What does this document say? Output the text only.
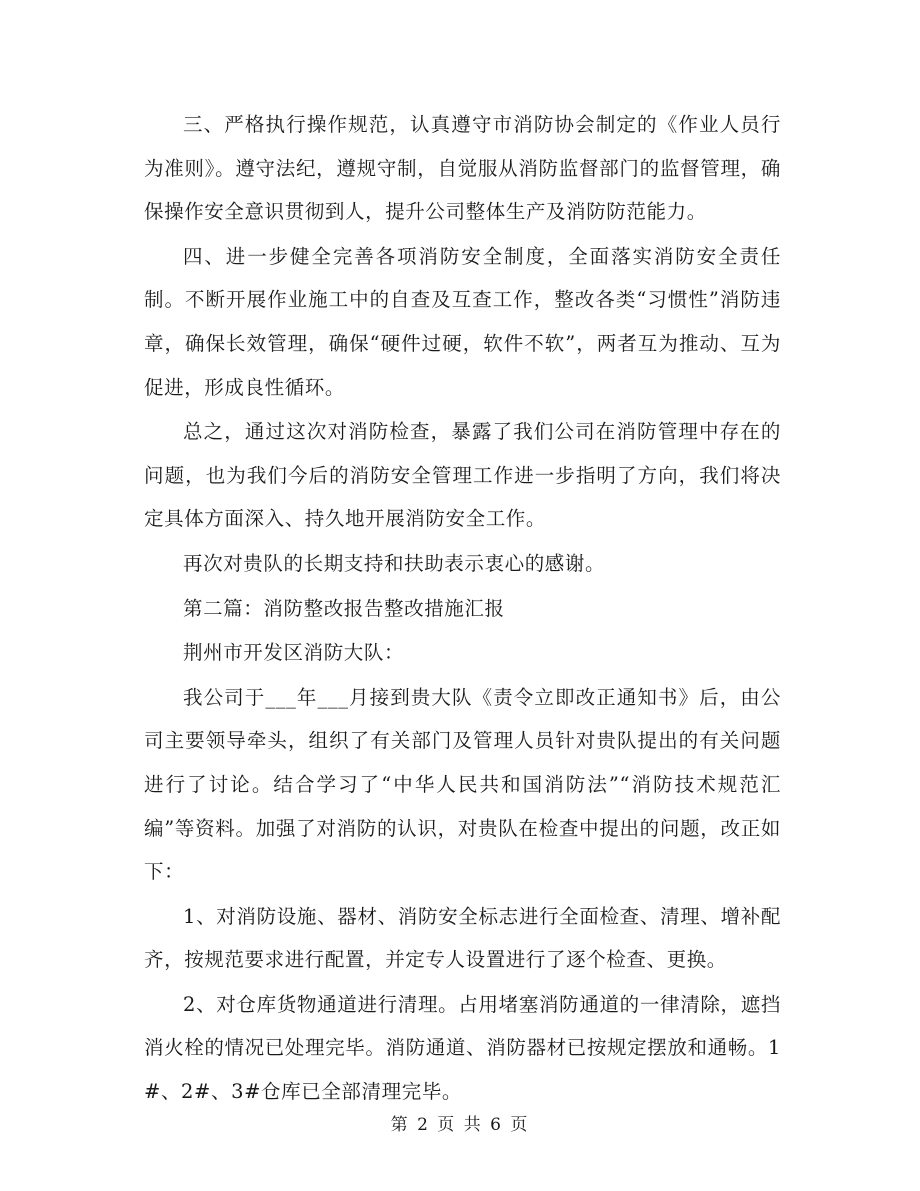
三、严格执行操作规范，认真遵守市消防协会制定的《作业人员行为准则》。遵守法纪，遵规守制，自觉服从消防监督部门的监督管理，确保操作安全意识贯彻到人，提升公司整体生产及消防防范能力。

四、进一步健全完善各项消防安全制度，全面落实消防安全责任制。不断开展作业施工中的自查及互查工作，整改各类“习惯性”消防违章，确保长效管理，确保“硬件过硬，软件不软”，两者互为推动、互为促进，形成良性循环。

总之，通过这次对消防检查，暴露了我们公司在消防管理中存在的问题，也为我们今后的消防安全管理工作进一步指明了方向，我们将决定具体方面深入、持久地开展消防安全工作。

再次对贵队的长期支持和扶助表示衷心的感谢。

第二篇：消防整改报告整改措施汇报

荆州市开发区消防大队：

我公司于___年___月接到贵大队《责令立即改正通知书》后，由公司主要领导牵头，组织了有关部门及管理人员针对贵队提出的有关问题进行了讨论。结合学习了“中华人民共和国消防法”“消防技术规范汇编”等资料。加强了对消防的认识，对贵队在检查中提出的问题，改正如下：

1、对消防设施、器材、消防安全标志进行全面检查、清理、增补配齐，按规范要求进行配置，并定专人设置进行了逐个检查、更换。

2、对仓库货物通道进行清理。占用堵塞消防通道的一律清除，遮挡消火栓的情况已处理完毕。消防通道、消防器材已按规定摆放和通畅。1#、2#、3#仓库已全部清理完毕。

第 2 页 共 6 页
